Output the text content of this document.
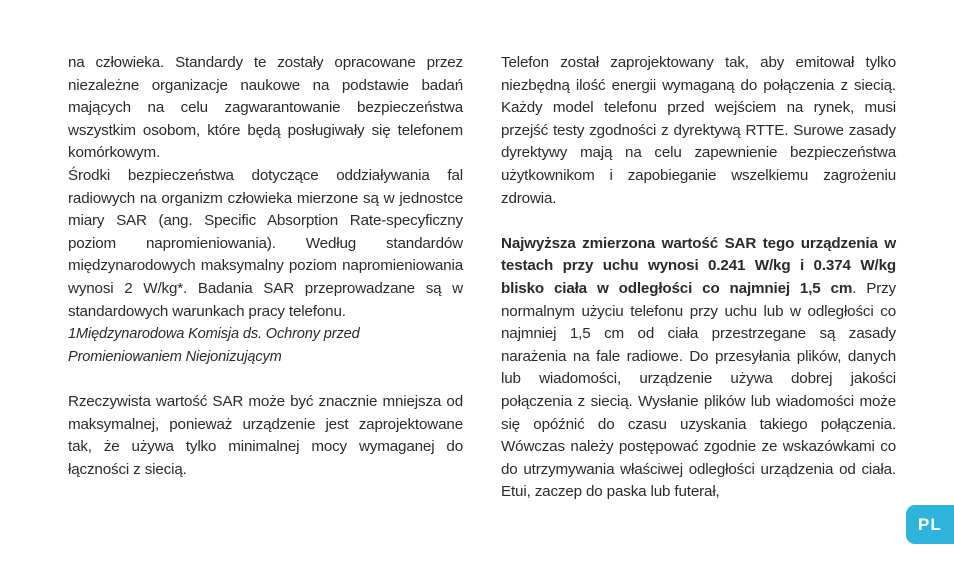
na człowieka. Standardy te zostały opracowane przez niezależne organizacje naukowe na podstawie badań mających na celu zagwarantowanie bezpieczeństwa wszystkim osobom, które będą posługiwały się telefonem komórkowym.

Środki bezpieczeństwa dotyczące oddziaływania fal radiowych na organizm człowieka mierzone są w jednostce miary SAR (ang. Specific Absorption Rate-specyficzny poziom napromieniowania). Według standardów międzynarodowych maksymalny poziom napromieniowania wynosi 2 W/kg*. Badania SAR przeprowadzane są w standardowych warunkach pracy telefonu.

1Międzynarodowa Komisja ds. Ochrony przed Promieniowaniem Niejonizującym

Rzeczywista wartość SAR może być znacznie mniejsza od maksymalnej, ponieważ urządzenie jest zaprojektowane tak, że używa tylko minimalnej mocy wymaganej do łączności z siecią.

Telefon został zaprojektowany tak, aby emitował tylko niezbędną ilość energii wymaganą do połączenia z siecią. Każdy model telefonu przed wejściem na rynek, musi przejść testy zgodności z dyrektywą RTTE. Surowe zasady dyrektywy mają na celu zapewnienie bezpieczeństwa użytkownikom i zapobieganie wszelkiemu zagrożeniu zdrowia.

Najwyższa zmierzona wartość SAR tego urządzenia w testach przy uchu wynosi 0.241 W/kg i 0.374 W/kg blisko ciała w odległości co najmniej 1,5 cm. Przy normalnym użyciu telefonu przy uchu lub w odległości co najmniej 1,5 cm od ciała przestrzegane są zasady narażenia na fale radiowe. Do przesyłania plików, danych lub wiadomości, urządzenie używa dobrej jakości połączenia z siecią. Wysłanie plików lub wiadomości może się opóźnić do czasu uzyskania takiego połączenia. Wówczas należy postępować zgodnie ze wskazówkami co do utrzymywania właściwej odległości urządzenia od ciała. Etui, zaczep do paska lub futerał,

PL
